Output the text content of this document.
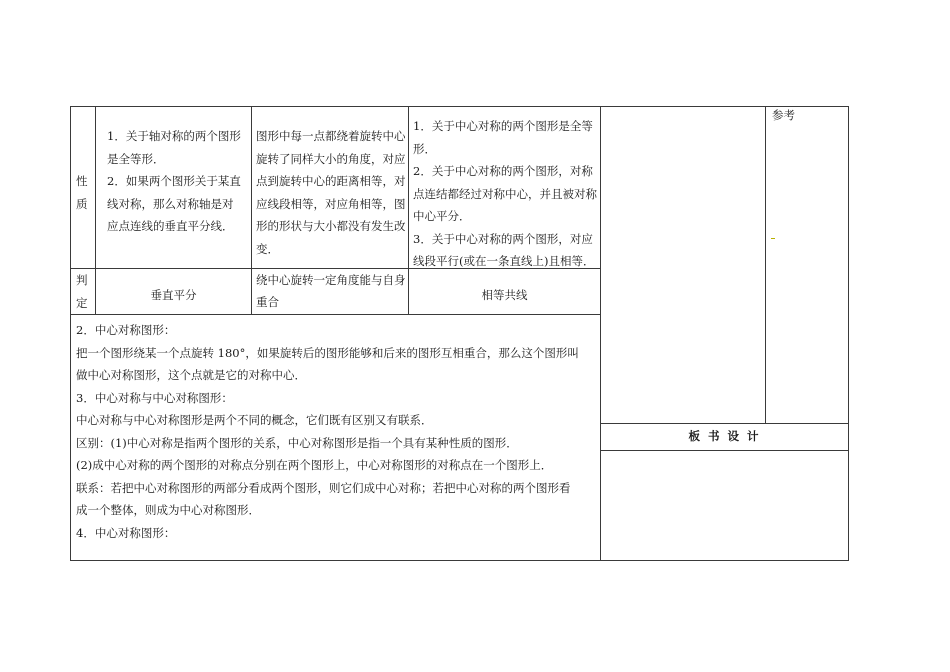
性
质
1．关于轴对称的两个图形是全等形．
2．如果两个图形关于某直线对称，那么对称轴是对应点连线的垂直平分线．
图形中每一点都绕着旋转中心旋转了同样大小的角度，对应点到旋转中心的距离相等，对应线段相等，对应角相等，图形的形状与大小都没有发生改变．
1．关于中心对称的两个图形是全等形．
2．关于中心对称的两个图形，对称点连结都经过对称中心，并且被对称中心平分．
3．关于中心对称的两个图形，对应线段平行(或在一条直线上)且相等．
判
定
垂直平分
绕中心旋转一定角度能与自身重合	相等共线
参考
板 书 设 计
2．中心对称图形：
把一个图形绕某一个点旋转 180°，如果旋转后的图形能够和后来的图形互相重合，那么这个图形叫
做中心对称图形，这个点就是它的对称中心．
3．中心对称与中心对称图形：
中心对称与中心对称图形是两个不同的概念，它们既有区别又有联系．
区别：(1)中心对称是指两个图形的关系，中心对称图形是指一个具有某种性质的图形．
(2)成中心对称的两个图形的对称点分别在两个图形上，中心对称图形的对称点在一个图形上．
联系：若把中心对称图形的两部分看成两个图形，则它们成中心对称；若把中心对称的两个图形看
成一个整体，则成为中心对称图形．
4．中心对称图形：
